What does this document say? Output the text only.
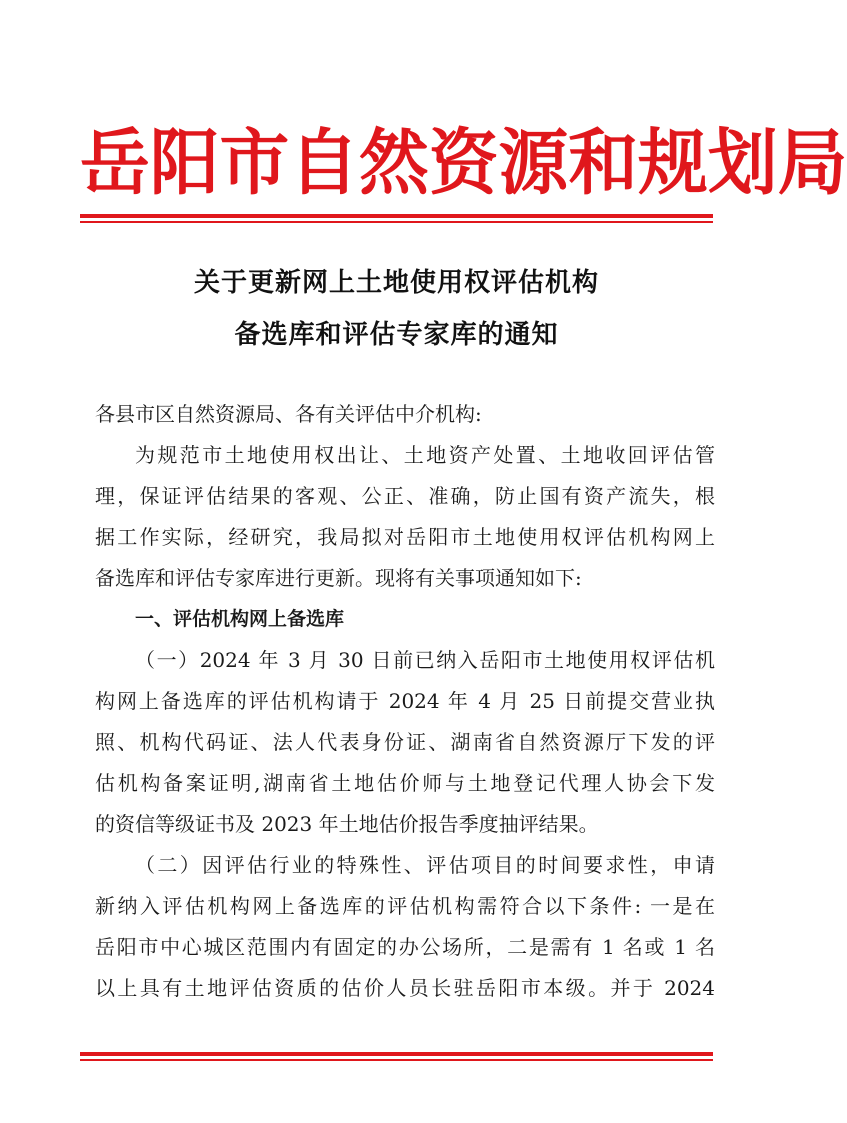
岳阳市自然资源和规划局
关于更新网上土地使用权评估机构
备选库和评估专家库的通知
各县市区自然资源局、各有关评估中介机构:
为规范市土地使用权出让、土地资产处置、土地收回评估管
理，保证评估结果的客观、公正、准确，防止国有资产流失，根
据工作实际，经研究，我局拟对岳阳市土地使用权评估机构网上
备选库和评估专家库进行更新。现将有关事项通知如下:
一、评估机构网上备选库
（一）2024 年 3 月 30 日前已纳入岳阳市土地使用权评估机
构网上备选库的评估机构请于 2024 年 4 月 25 日前提交营业执
照、机构代码证、法人代表身份证、湖南省自然资源厅下发的评
估机构备案证明,湖南省土地估价师与土地登记代理人协会下发
的资信等级证书及 2023 年土地估价报告季度抽评结果。
（二）因评估行业的特殊性、评估项目的时间要求性，申请
新纳入评估机构网上备选库的评估机构需符合以下条件: 一是在
岳阳市中心城区范围内有固定的办公场所，二是需有 1 名或 1 名
以上具有土地评估资质的估价人员长驻岳阳市本级。并于 2024
